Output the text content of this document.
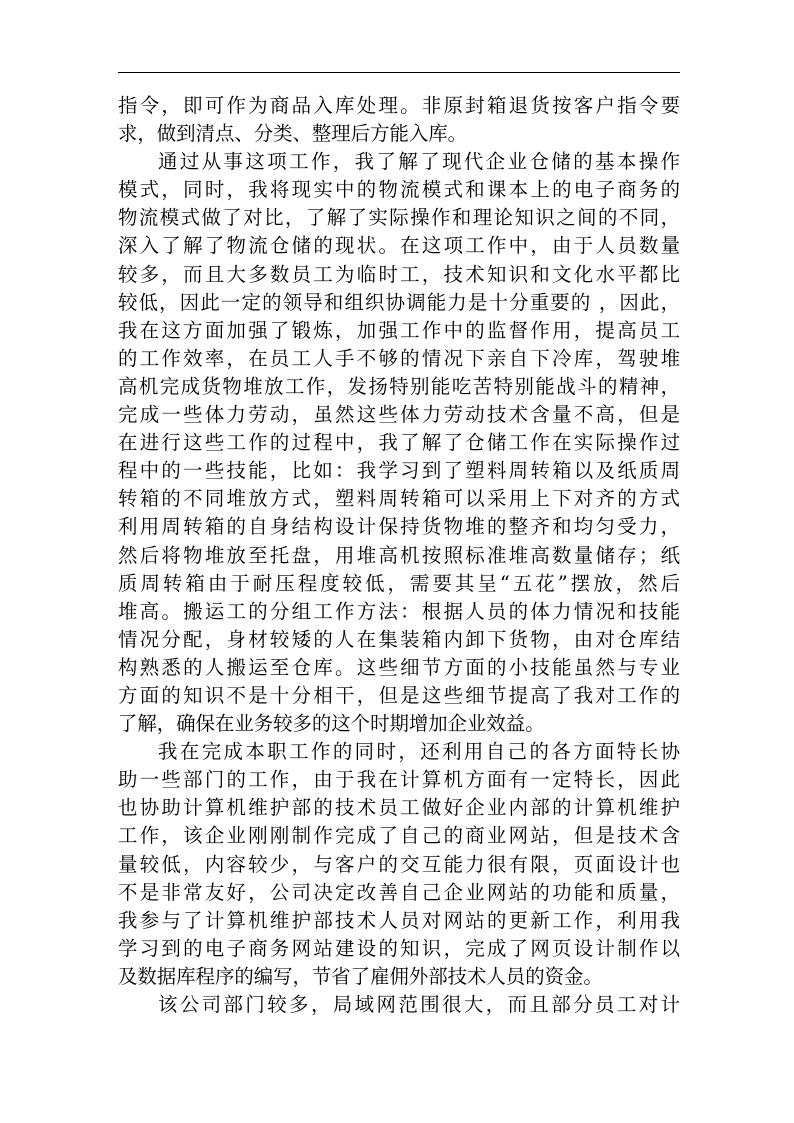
指令，即可作为商品入库处理。非原封箱退货按客户指令要
求，做到清点、分类、整理后方能入库。
通过从事这项工作，我了解了现代企业仓储的基本操作
模式，同时，我将现实中的物流模式和课本上的电子商务的
物流模式做了对比，了解了实际操作和理论知识之间的不同，
深入了解了物流仓储的现状。在这项工作中，由于人员数量
较多，而且大多数员工为临时工，技术知识和文化水平都比
较低，因此一定的领导和组织协调能力是十分重要的 ，因此，
我在这方面加强了锻炼，加强工作中的监督作用，提高员工
的工作效率，在员工人手不够的情况下亲自下冷库，驾驶堆
高机完成货物堆放工作，发扬特别能吃苦特别能战斗的精神，
完成一些体力劳动，虽然这些体力劳动技术含量不高，但是
在进行这些工作的过程中，我了解了仓储工作在实际操作过
程中的一些技能，比如：我学习到了塑料周转箱以及纸质周
转箱的不同堆放方式，塑料周转箱可以采用上下对齐的方式
利用周转箱的自身结构设计保持货物堆的整齐和均匀受力，
然后将物堆放至托盘，用堆高机按照标准堆高数量储存；纸
质周转箱由于耐压程度较低，需要其呈“五花”摆放，然后
堆高。搬运工的分组工作方法：根据人员的体力情况和技能
情况分配，身材较矮的人在集装箱内卸下货物，由对仓库结
构熟悉的人搬运至仓库。这些细节方面的小技能虽然与专业
方面的知识不是十分相干，但是这些细节提高了我对工作的
了解，确保在业务较多的这个时期增加企业效益。
我在完成本职工作的同时，还利用自己的各方面特长协
助一些部门的工作，由于我在计算机方面有一定特长，因此
也协助计算机维护部的技术员工做好企业内部的计算机维护
工作，该企业刚刚制作完成了自己的商业网站，但是技术含
量较低，内容较少，与客户的交互能力很有限，页面设计也
不是非常友好，公司决定改善自己企业网站的功能和质量，
我参与了计算机维护部技术人员对网站的更新工作，利用我
学习到的电子商务网站建设的知识，完成了网页设计制作以
及数据库程序的编写，节省了雇佣外部技术人员的资金。
该公司部门较多，局域网范围很大，而且部分员工对计
